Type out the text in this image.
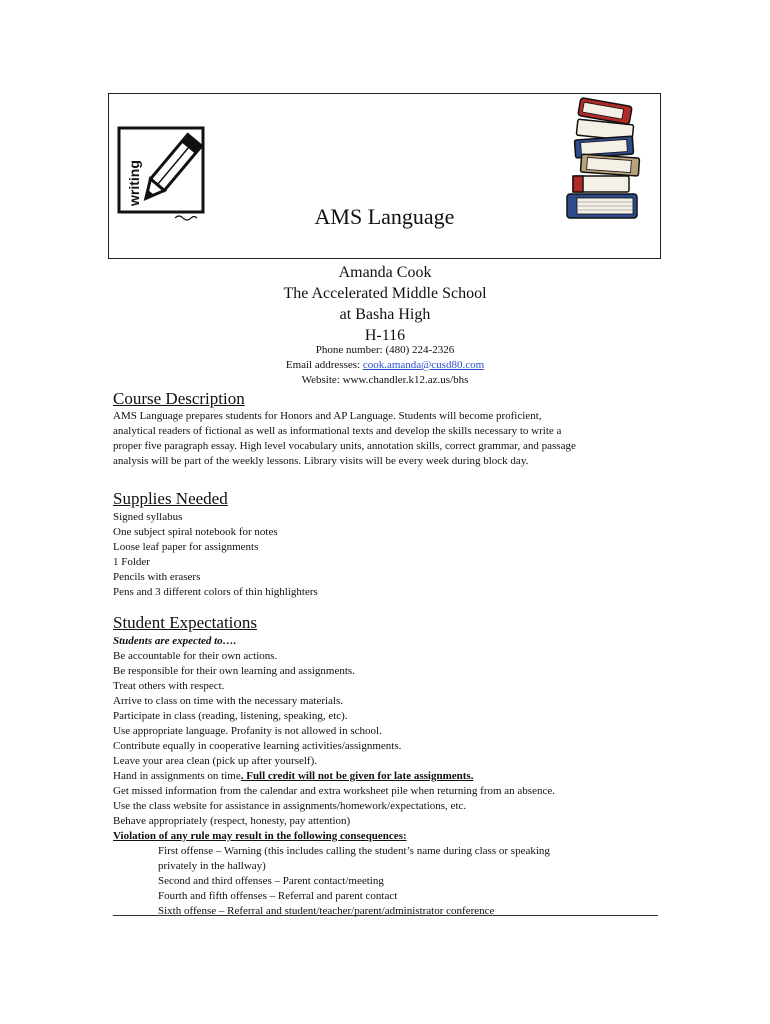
writing
AMS Language
Amanda Cook
The Accelerated Middle School
at Basha High
H-116
Phone number: (480) 224-2326
Email addresses: cook.amanda@cusd80.com
Website: www.chandler.k12.az.us/bhs
Course Description
AMS Language prepares students for Honors and AP Language. Students will become proficient,
analytical readers of fictional as well as informational texts and develop the skills necessary to write a
proper five paragraph essay. High level vocabulary units, annotation skills, correct grammar, and passage
analysis will be part of the weekly lessons. Library visits will be every week during block day.
Supplies Needed
Signed syllabus
One subject spiral notebook for notes
Loose leaf paper for assignments
1 Folder
Pencils with erasers
Pens and 3 different colors of thin highlighters
Student Expectations
Students are expected to….
Be accountable for their own actions.
Be responsible for their own learning and assignments.
Treat others with respect.
Arrive to class on time with the necessary materials.
Participate in class (reading, listening, speaking, etc).
Use appropriate language. Profanity is not allowed in school.
Contribute equally in cooperative learning activities/assignments.
Leave your area clean (pick up after yourself).
Hand in assignments on time. Full credit will not be given for late assignments.
Get missed information from the calendar and extra worksheet pile when returning from an absence.
Use the class website for assistance in assignments/homework/expectations, etc.
Behave appropriately (respect, honesty, pay attention)
Violation of any rule may result in the following consequences:
First offense – Warning (this includes calling the student’s name during class or speaking
privately in the hallway)
Second and third offenses – Parent contact/meeting
Fourth and fifth offenses – Referral and parent contact
Sixth offense – Referral and student/teacher/parent/administrator conference
